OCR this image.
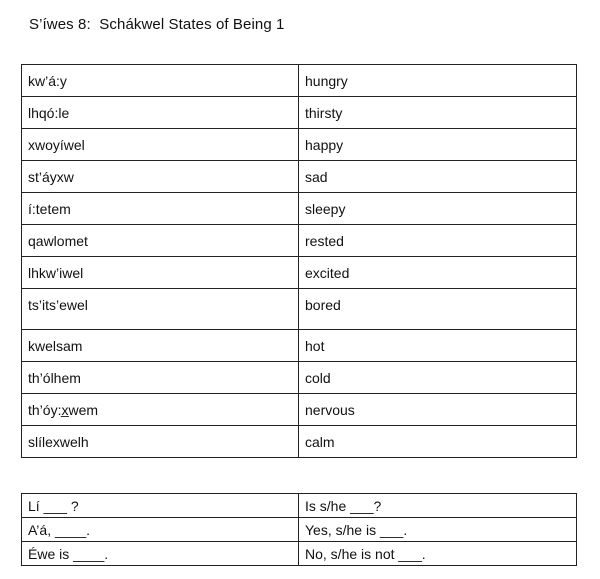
S’íwes 8:  Schákwel States of Being 1
kw’á:y	hungry
lhqó:le	thirsty
xwoyíwel	happy
st’áyxw	sad
í:tetem	sleepy
qawlomet	rested
lhkw’iwel	excited
ts’its’ewel	bored
kwelsam	hot
th’ólhem	cold
th’óy:x̲wem	nervous
slílexwelh	calm
Lí ___ ?	Is s/he ___?
A’á, ____.	Yes, s/he is ___.
Éwe is ____.	No, s/he is not ___.
